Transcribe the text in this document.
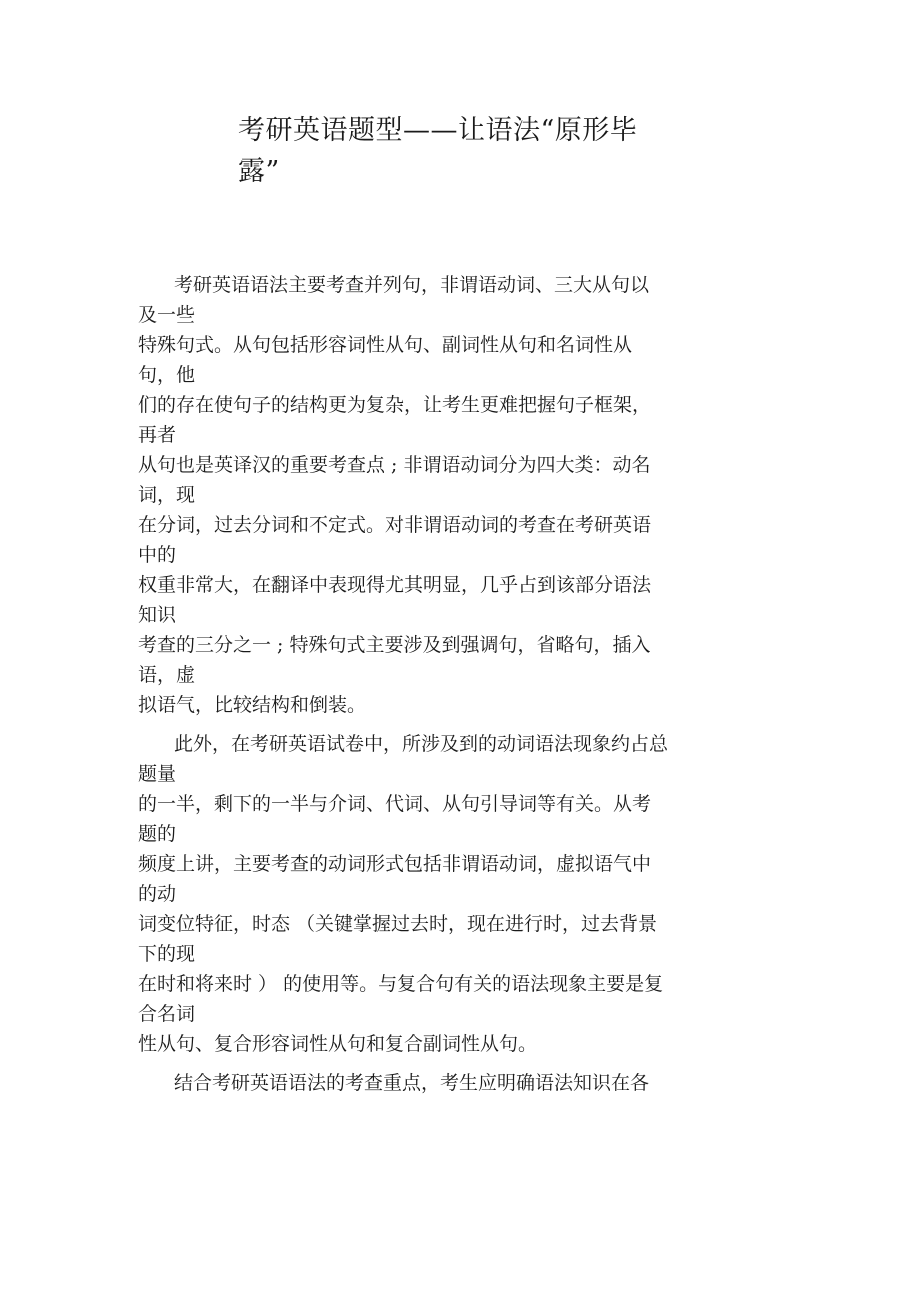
考研英语题型——让语法“原形毕
露”
考研英语语法主要考查并列句，非谓语动词、三大从句以
及一些
特殊句式。从句包括形容词性从句、副词性从句和名词性从
句，他
们的存在使句子的结构更为复杂，让考生更难把握句子框架，
再者
从句也是英译汉的重要考查点 ; 非谓语动词分为四大类：动名
词，现
在分词，过去分词和不定式。对非谓语动词的考查在考研英语
中的
权重非常大，在翻译中表现得尤其明显，几乎占到该部分语法
知识
考查的三分之一 ; 特殊句式主要涉及到强调句，省略句，插入
语，虚
拟语气，比较结构和倒装。
此外，在考研英语试卷中，所涉及到的动词语法现象约占总
题量
的一半，剩下的一半与介词、代词、从句引导词等有关。从考
题的
频度上讲，主要考查的动词形式包括非谓语动词，虚拟语气中
的动
词变位特征，时态 （关键掌握过去时，现在进行时，过去背景
下的现
在时和将来时 ） 的使用等。与复合句有关的语法现象主要是复
合名词
性从句、复合形容词性从句和复合副词性从句。
结合考研英语语法的考查重点，考生应明确语法知识在各
